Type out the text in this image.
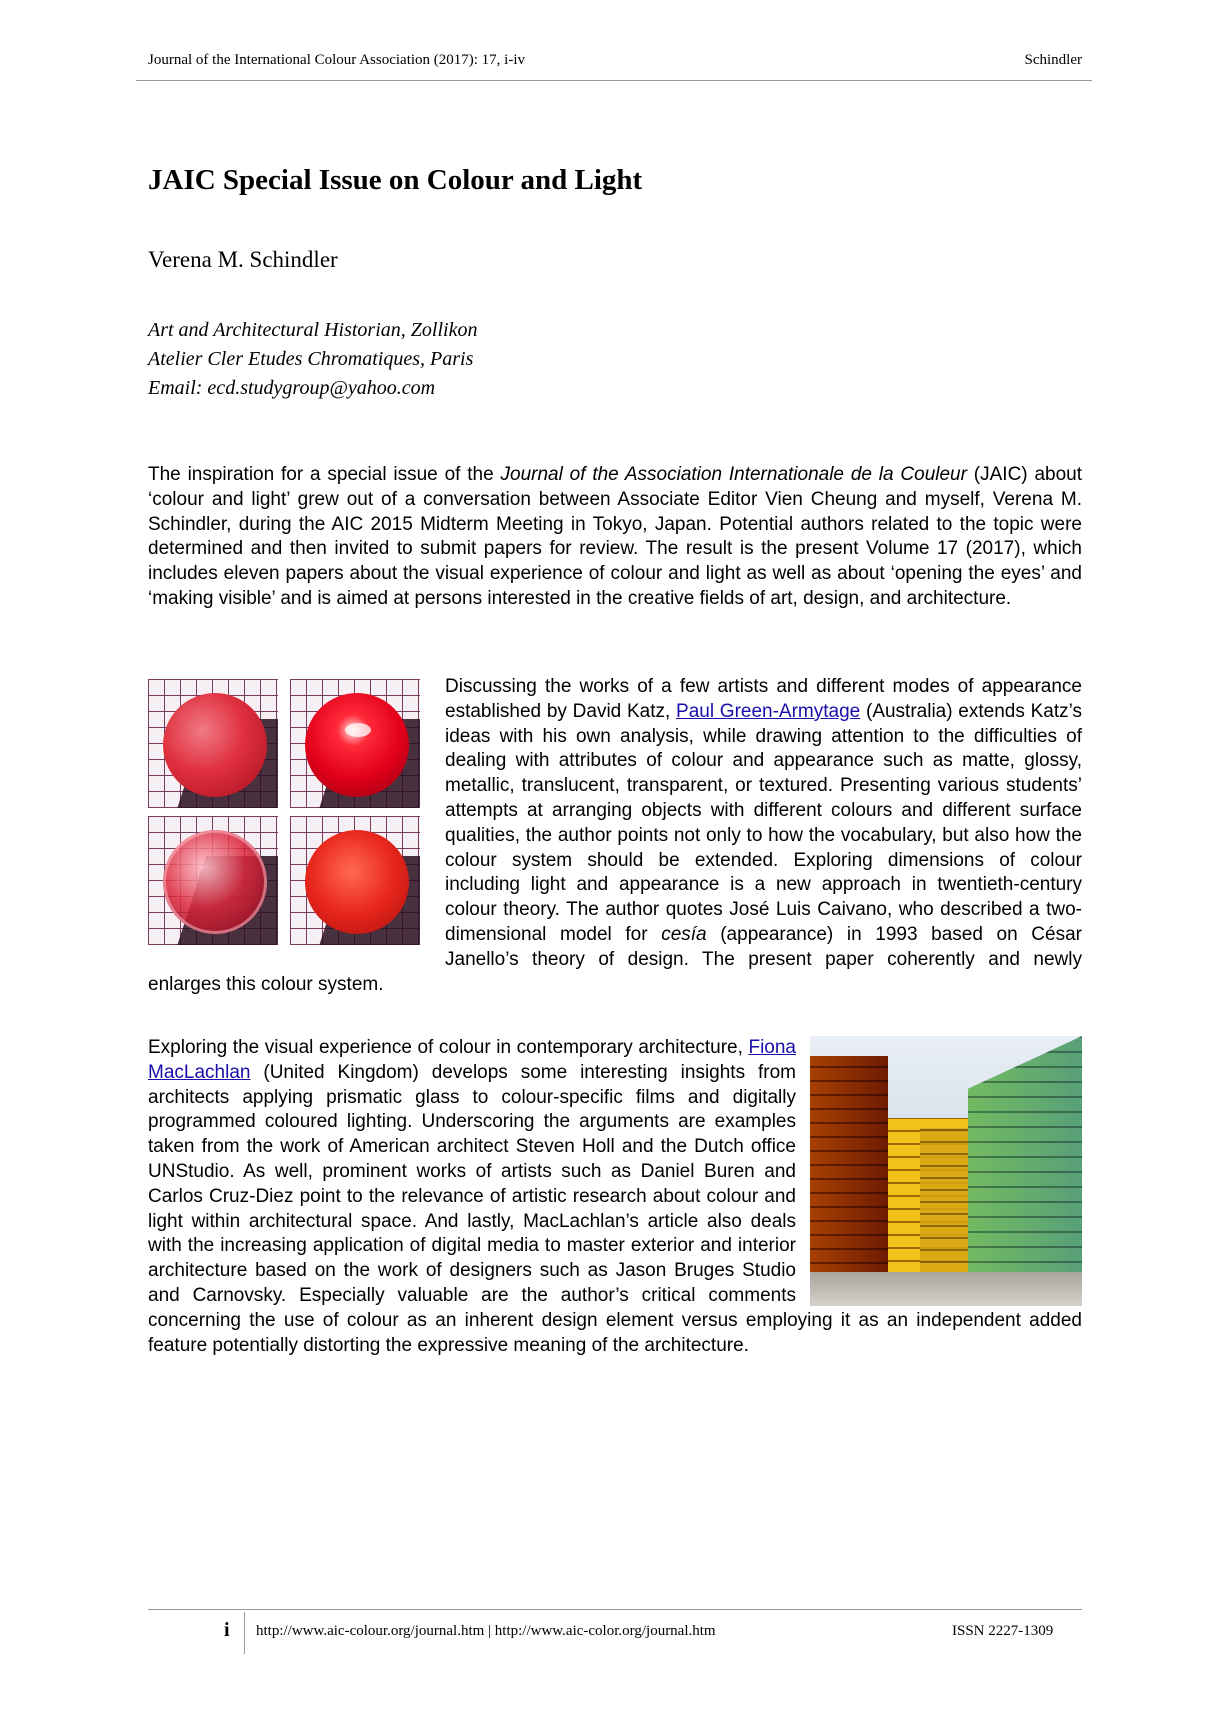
Journal of the International Colour Association (2017): 17, i-iv	Schindler
JAIC Special Issue on Colour and Light
Verena M. Schindler
Art and Architectural Historian, Zollikon
Atelier Cler Etudes Chromatiques, Paris
Email: ecd.studygroup@yahoo.com

The inspiration for a special issue of the Journal of the Association Internationale de la Couleur (JAIC) about ‘colour and light’ grew out of a conversation between Associate Editor Vien Cheung and myself, Verena M. Schindler, during the AIC 2015 Midterm Meeting in Tokyo, Japan. Potential authors related to the topic were determined and then invited to submit papers for review. The result is the present Volume 17 (2017), which includes eleven papers about the visual experience of colour and light as well as about ‘opening the eyes’ and ‘making visible’ and is aimed at persons interested in the creative fields of art, design, and architecture.

Discussing the works of a few artists and different modes of appearance established by David Katz, Paul Green-Armytage (Australia) extends Katz’s ideas with his own analysis, while drawing attention to the difficulties of dealing with attributes of colour and appearance such as matte, glossy, metallic, translucent, transparent, or textured. Presenting various students’ attempts at arranging objects with different colours and different surface qualities, the author points not only to how the vocabulary, but also how the colour system should be extended. Exploring dimensions of colour including light and appearance is a new approach in twentieth-century colour theory. The author quotes José Luis Caivano, who described a two-dimensional model for cesía (appearance) in 1993 based on César Janello’s theory of design. The present paper coherently and newly enlarges this colour system.

Exploring the visual experience of colour in contemporary architecture, Fiona MacLachlan (United Kingdom) develops some interesting insights from architects applying prismatic glass to colour-specific films and digitally programmed coloured lighting. Underscoring the arguments are examples taken from the work of American architect Steven Holl and the Dutch office UNStudio. As well, prominent works of artists such as Daniel Buren and Carlos Cruz-Diez point to the relevance of artistic research about colour and light within architectural space. And lastly, MacLachlan’s article also deals with the increasing application of digital media to master exterior and interior architecture based on the work of designers such as Jason Bruges Studio and Carnovsky. Especially valuable are the author’s critical comments concerning the use of colour as an inherent design element versus employing it as an independent added feature potentially distorting the expressive meaning of the architecture.

i http://www.aic-colour.org/journal.htm | http://www.aic-color.org/journal.htm	ISSN 2227-1309
